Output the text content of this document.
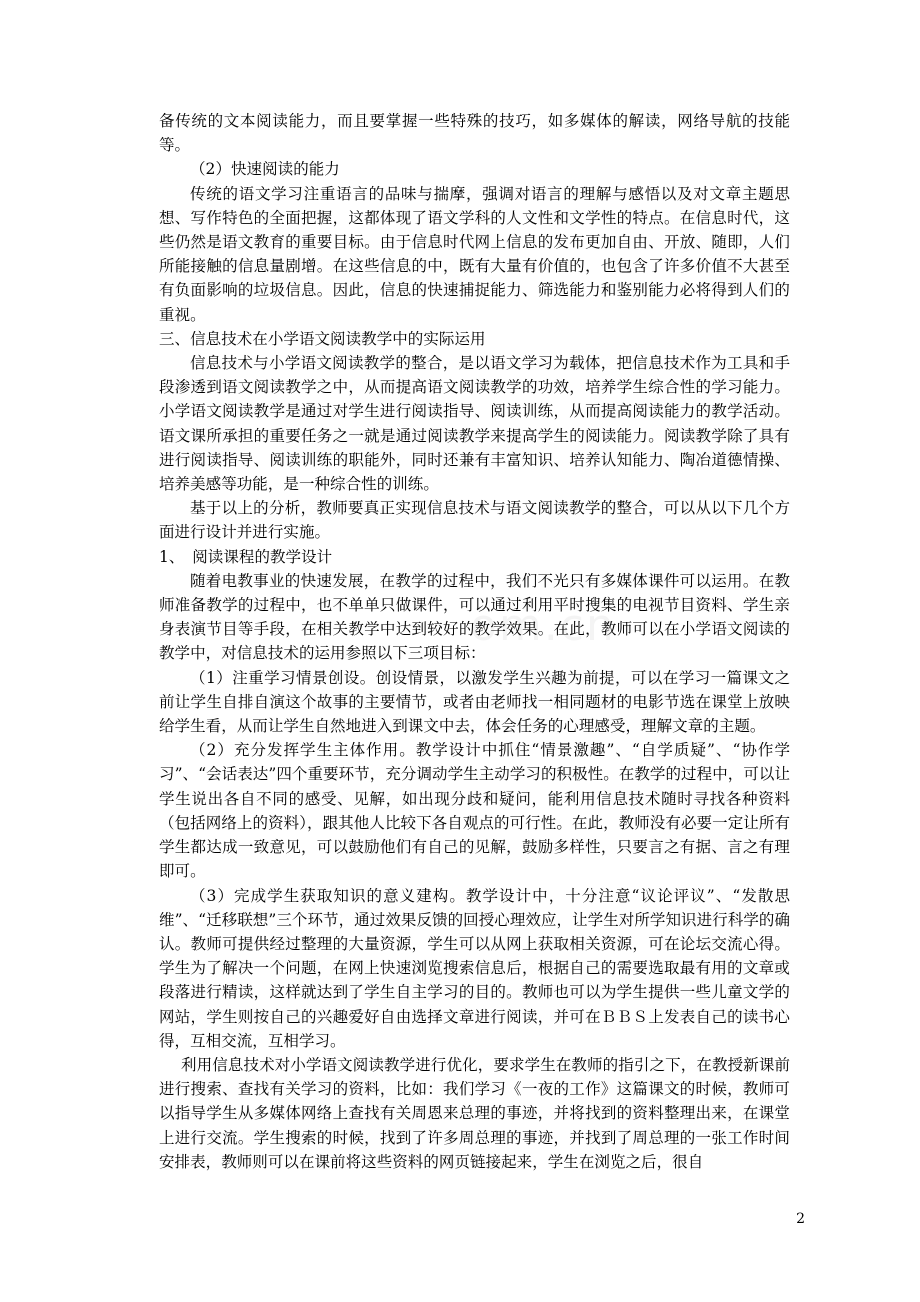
备传统的文本阅读能力，而且要掌握一些特殊的技巧，如多媒体的解读，网络导航的技能等。

（2）快速阅读的能力

传统的语文学习注重语言的品味与揣摩，强调对语言的理解与感悟以及对文章主题思想、写作特色的全面把握，这都体现了语文学科的人文性和文学性的特点。在信息时代，这些仍然是语文教育的重要目标。由于信息时代网上信息的发布更加自由、开放、随即，人们所能接触的信息量剧增。在这些信息的中，既有大量有价值的，也包含了许多价值不大甚至有负面影响的垃圾信息。因此，信息的快速捕捉能力、筛选能力和鉴别能力必将得到人们的重视。

三、信息技术在小学语文阅读教学中的实际运用

信息技术与小学语文阅读教学的整合，是以语文学习为载体，把信息技术作为工具和手段渗透到语文阅读教学之中，从而提高语文阅读教学的功效，培养学生综合性的学习能力。小学语文阅读教学是通过对学生进行阅读指导、阅读训练，从而提高阅读能力的教学活动。语文课所承担的重要任务之一就是通过阅读教学来提高学生的阅读能力。阅读教学除了具有进行阅读指导、阅读训练的职能外，同时还兼有丰富知识、培养认知能力、陶冶道德情操、培养美感等功能，是一种综合性的训练。

基于以上的分析，教师要真正实现信息技术与语文阅读教学的整合，可以从以下几个方面进行设计并进行实施。

1、　阅读课程的教学设计

随着电教事业的快速发展，在教学的过程中，我们不光只有多媒体课件可以运用。在教师准备教学的过程中，也不单单只做课件，可以通过利用平时搜集的电视节目资料、学生亲身表演节目等手段，在相关教学中达到较好的教学效果。在此，教师可以在小学语文阅读的教学中，对信息技术的运用参照以下三项目标：

（1）注重学习情景创设。创设情景，以激发学生兴趣为前提，可以在学习一篇课文之前让学生自排自演这个故事的主要情节，或者由老师找一相同题材的电影节选在课堂上放映给学生看，从而让学生自然地进入到课文中去，体会任务的心理感受，理解文章的主题。

（2）充分发挥学生主体作用。教学设计中抓住“情景激趣”、“自学质疑”、“协作学习”、“会话表达”四个重要环节，充分调动学生主动学习的积极性。在教学的过程中，可以让学生说出各自不同的感受、见解，如出现分歧和疑问，能利用信息技术随时寻找各种资料（包括网络上的资料），跟其他人比较下各自观点的可行性。在此，教师没有必要一定让所有学生都达成一致意见，可以鼓励他们有自己的见解，鼓励多样性，只要言之有据、言之有理即可。

（3）完成学生获取知识的意义建构。教学设计中，十分注意“议论评议”、“发散思维”、“迁移联想”三个环节，通过效果反馈的回授心理效应，让学生对所学知识进行科学的确认。教师可提供经过整理的大量资源，学生可以从网上获取相关资源，可在论坛交流心得。学生为了解决一个问题，在网上快速浏览搜索信息后，根据自己的需要选取最有用的文章或段落进行精读，这样就达到了学生自主学习的目的。教师也可以为学生提供一些儿童文学的网站，学生则按自己的兴趣爱好自由选择文章进行阅读，并可在ＢＢＳ上发表自己的读书心得，互相交流，互相学习。

利用信息技术对小学语文阅读教学进行优化，要求学生在教师的指引之下，在教授新课前进行搜索、查找有关学习的资料，比如：我们学习《一夜的工作》这篇课文的时候，教师可以指导学生从多媒体网络上查找有关周恩来总理的事迹，并将找到的资料整理出来，在课堂上进行交流。学生搜索的时候，找到了许多周总理的事迹，并找到了周总理的一张工作时间安排表，教师则可以在课前将这些资料的网页链接起来，学生在浏览之后，很自

2
